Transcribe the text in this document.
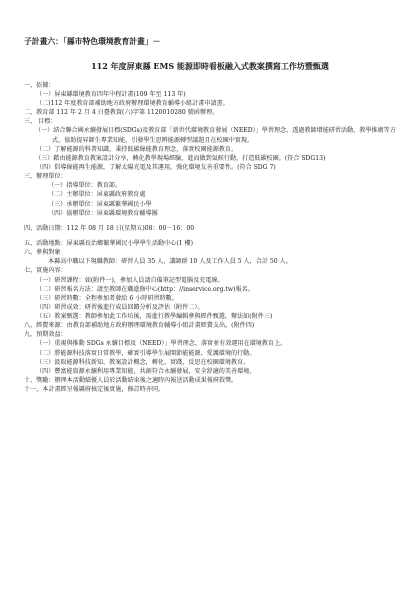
子計畫六：「縣市特色環境教育計畫」－
112 年度屏東縣 EMS 能源即時看板融入式教案撰寫工作坊暨甄選
一、依據：
（一）屏東縣環境教育四年中程計畫(109 年至 113 年)
（二)112 年度教育部補助地方政府辦理環境教育輔導小組計畫申請書。
二、教育部 112 年 2 月 4 日臺教資(六)字第 1120010280 號函辦理。
三、 目標：
（一）結合聯合國永續發展目標(SDGs)及教育部「新世代環境教育發展（NEED）」學習理念，透過教師增能研習活動，教學推廣等方式，協助提昇師生專業知能，引發學生思辨能源轉型議題且在校園中實現。
（二）了解能源的科普知識，秉持低碳綠能教育理念，落實校園能源教育。
（三）藉由能源教育教案設計分享，轉化教學現場經驗，進而做到氣候行動，打造低碳校園。(符合 SDG13)
（四）倡導綠能再生能源，了解太陽光電及其運用，強化環境友善重要性。(符合 SDG 7)
三、辦理單位：
（一）指導單位：教育部。
（二）主辦單位：屏東縣政府教育處
（三）承辦單位：屏東縣繁華國民小學
（四）協辦單位：屏東縣環境教育輔導團
四、活動日期：112 年 08 月 18 日(星期五)08：00－16：00
五、活動地點：屏東縣長治鄉繁華國民小學學生活動中心(1 樓)
六、參與對象
本縣高中職以下現職教師：研習人員 35 人，講師群 10 人及工作人員 5 人，合計 50 人。
七、實施內容：
（一）研習課程：如(附件一)，參加人員請自備筆記型電腦及充電線。
（二）研習報名方法：請至教師在職進修中心(http：//inservice.org.tw)報名。
（三）研習時數：全程參加者發給 6 小時研習時數。
（四）研習成效：研習後進行成員回饋分析及評估（附件二）。
（五）教案甄選：教師參加此工作坊後，需進行教學編輯參與經件甄選，辦法如(附件三)
八、經費來源：由教育部補助地方政府辦理環境教育輔導小組計畫經費支出。(附件四)
九、預期效益：
（一）重視與推動 SDGs 永續目標及（NEED）」學習理念，落實並有效運用在環境教育上。
（二）將能源科技落實日常教學，確實引導學生展開節能能源、愛護環境的行動。
（三）汲取能源科技新知、教案設計概念，轉化、實踐，反思在校園環境教育。
（四）豐富能資源永續利用專業知能，共創符合永續發展、安全舒適的美善環境。
十、獎勵：辦理本活動績優人員於活動結束後之適時內報送活動成果報府敘獎。
十一、本計畫經呈報縣府核定後實施，修訂時亦同。
